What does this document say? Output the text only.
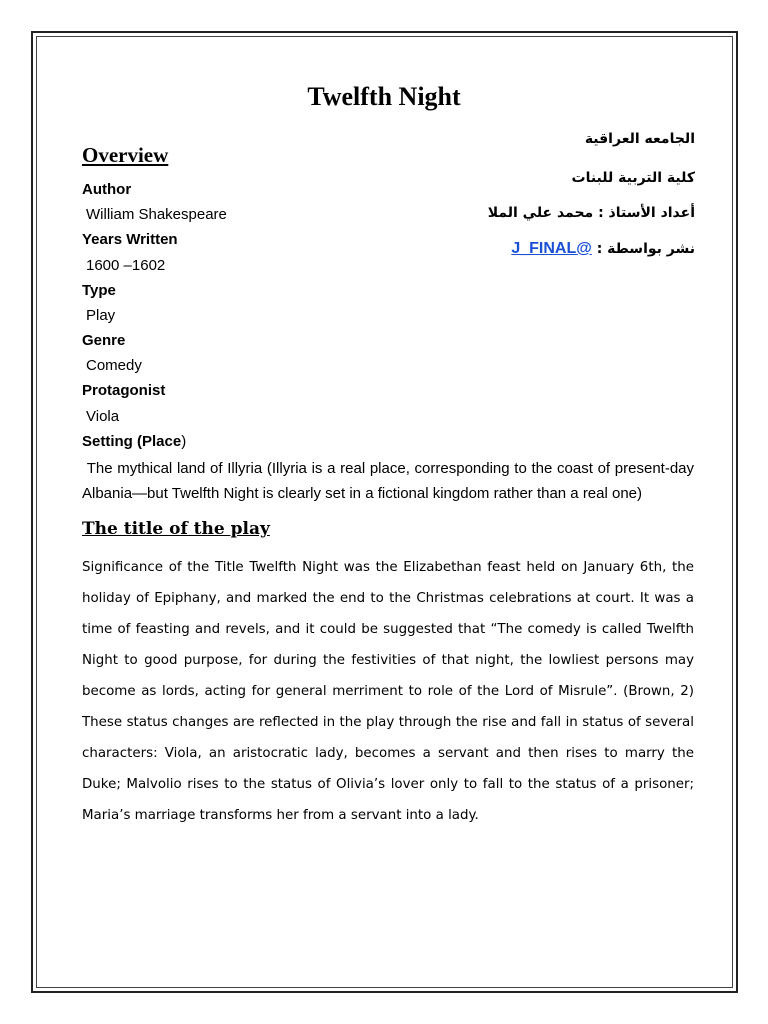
Twelfth Night
Overview
الجامعه العراقية
كلية التربية للبنات
أعداد الأستاذ : محمد علي الملا
نشر بواسطة : @J_FINAL
Author
William Shakespeare
Years Written
1600 –1602
Type
Play
Genre
Comedy
Protagonist
Viola
Setting (Place)
The mythical land of Illyria (Illyria is a real place, corresponding to the coast of present-day Albania—but Twelfth Night is clearly set in a fictional kingdom rather than a real one)
The title of the play
Significance of the Title Twelfth Night was the Elizabethan feast held on January 6th, the holiday of Epiphany, and marked the end to the Christmas celebrations at court. It was a time of feasting and revels, and it could be suggested that “The comedy is called Twelfth Night to good purpose, for during the festivities of that night, the lowliest persons may become as lords, acting for general merriment to role of the Lord of Misrule”. (Brown, 2) These status changes are reflected in the play through the rise and fall in status of several characters: Viola, an aristocratic lady, becomes a servant and then rises to marry the Duke; Malvolio rises to the status of Olivia’s lover only to fall to the status of a prisoner; Maria’s marriage transforms her from a servant into a lady.
